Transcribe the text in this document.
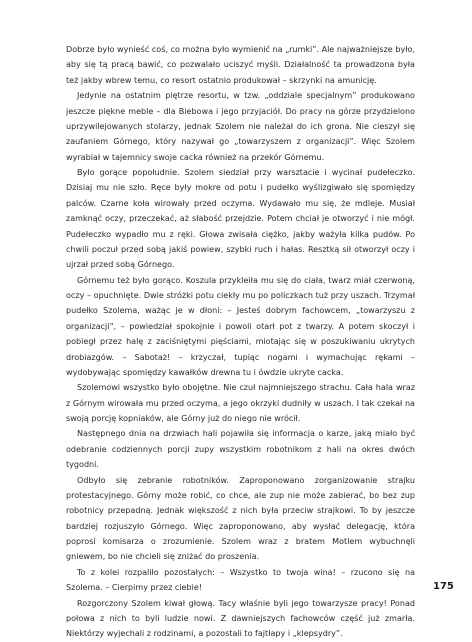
Dobrze było wynieść coś, co można było wymienić na „rumki”. Ale najważniejsze było, aby się tą pracą bawić, co pozwalało uciszyć myśli. Działalność ta prowadzona była też jakby wbrew temu, co resort ostatnio produkował – skrzynki na amunicję.

Jedynie na ostatnim piętrze resortu, w tzw. „oddziale specjalnym” produkowano jeszcze piękne meble – dla Biebowa i jego przyjaciół. Do pracy na górze przydzielono uprzywilejowanych stolarzy, jednak Szolem nie należał do ich grona. Nie cieszył się zaufaniem Górnego, który nazywał go „towarzyszem z organizacji”. Więc Szolem wyrabiał w tajemnicy swoje cacka również na przekór Górnemu.

Było gorące popołudnie. Szolem siedział przy warsztacie i wycinał pudełeczko. Dzisiaj mu nie szło. Ręce były mokre od potu i pudełko wyślizgiwało się spomiędzy palców. Czarne koła wirowały przed oczyma. Wydawało mu się, że mdleje. Musiał zamknąć oczy, przeczekać, aż słabość przejdzie. Potem chciał je otworzyć i nie mógł. Pudełeczko wypadło mu z ręki. Głowa zwisała ciężko, jakby ważyła kilka pudów. Po chwili poczuł przed sobą jakiś powiew, szybki ruch i hałas. Resztką sił otworzył oczy i ujrzał przed sobą Górnego.

Górnemu też było gorąco. Koszula przykleiła mu się do ciała, twarz miał czerwoną, oczy – opuchnięte. Dwie stróżki potu ciekły mu po policzkach tuż przy uszach. Trzymał pudełko Szolema, ważąc je w dłoni: – Jesteś dobrym fachowcem, „towarzyszu z organizacji”, – powiedział spokojnie i powoli otarł pot z twarzy. A potem skoczył i pobiegł przez halę z zaciśniętymi pięściami, miotając się w poszukiwaniu ukrytych drobiazgów. – Sabotaż! – krzyczał, tupiąc nogami i wymachując rękami – wydobywając spomiędzy kawałków drewna tu i ówdzie ukryte cacka.

Szolemowi wszystko było obojętne. Nie czuł najmniejszego strachu. Cała hala wraz z Górnym wirowała mu przed oczyma, a jego okrzyki dudniły w uszach. I tak czekał na swoją porcję kopniaków, ale Górny już do niego nie wrócił.

Następnego dnia na drzwiach hali pojawiła się informacja o karze, jaką miało być odebranie codziennych porcji zupy wszystkim robotnikom z hali na okres dwóch tygodni.

Odbyło się zebranie robotników. Zaproponowano zorganizowanie strajku protestacyjnego. Górny może robić, co chce, ale zup nie może zabierać, bo bez zup robotnicy przepadną. Jednak większość z nich była przeciw strajkowi. To by jeszcze bardziej rozjuszyło Górnego. Więc zaproponowano, aby wysłać delegację, która poprosi komisarza o zrozumienie. Szolem wraz z bratem Motlem wybuchnęli gniewem, bo nie chcieli się zniżać do proszenia.

To z kolei rozpaliło pozostałych: – Wszystko to twoja wina! – rzucono się na Szolema. – Cierpimy przez ciebie!

Rozgorczony Szolem kiwał głową. Tacy właśnie byli jego towarzysze pracy! Ponad połowa z nich to byli ludzie nowi. Z dawniejszych fachowców część już zmarła. Niektórzy wyjechali z rodzinami, a pozostali to fajtłapy i „klepsydry”.

175
